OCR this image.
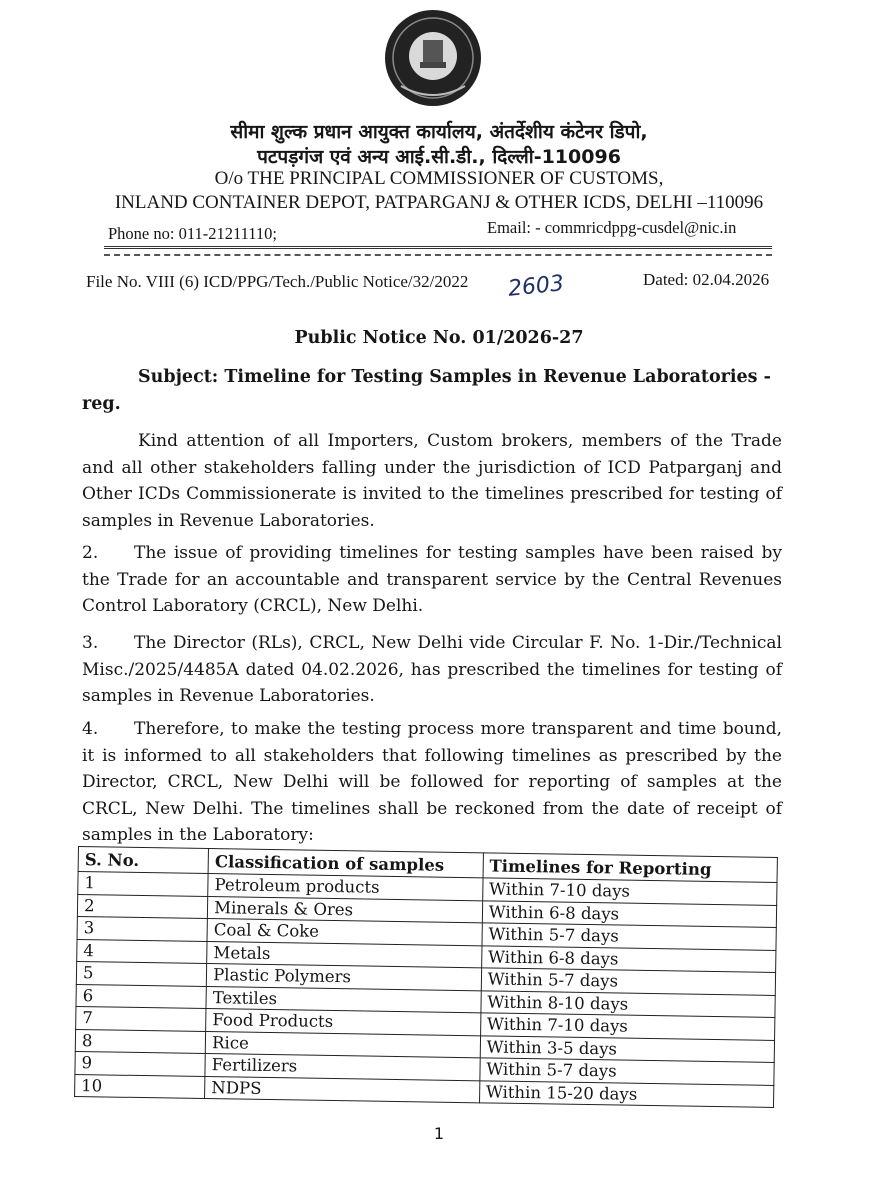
सीमा शुल्क प्रधान आयुक्त कार्यालय, अंतर्देशीय कंटेनर डिपो,
पटपड़गंज एवं अन्य आई.सी.डी., दिल्ली-110096
O/o THE PRINCIPAL COMMISSIONER OF CUSTOMS,
INLAND CONTAINER DEPOT, PATPARGANJ & OTHER ICDS, DELHI –110096
Phone no: 011-21211110;	Email: - commricdppg-cusdel@nic.in
File No. VIII (6) ICD/PPG/Tech./Public Notice/32/2022 2603	Dated: 02.04.2026
Public Notice No. 01/2026-27
Subject: Timeline for Testing Samples in Revenue Laboratories - reg.
Kind attention of all Importers, Custom brokers, members of the Trade and all other stakeholders falling under the jurisdiction of ICD Patparganj and Other ICDs Commissionerate is invited to the timelines prescribed for testing of samples in Revenue Laboratories.
2. The issue of providing timelines for testing samples have been raised by the Trade for an accountable and transparent service by the Central Revenues Control Laboratory (CRCL), New Delhi.
3. The Director (RLs), CRCL, New Delhi vide Circular F. No. 1-Dir./Technical Misc./2025/4485A dated 04.02.2026, has prescribed the timelines for testing of samples in Revenue Laboratories.
4. Therefore, to make the testing process more transparent and time bound, it is informed to all stakeholders that following timelines as prescribed by the Director, CRCL, New Delhi will be followed for reporting of samples at the CRCL, New Delhi. The timelines shall be reckoned from the date of receipt of samples in the Laboratory:
S. No.	Classification of samples	Timelines for Reporting
1	Petroleum products	Within 7-10 days
2	Minerals & Ores	Within 6-8 days
3	Coal & Coke	Within 5-7 days
4	Metals	Within 6-8 days
5	Plastic Polymers	Within 5-7 days
6	Textiles	Within 8-10 days
7	Food Products	Within 7-10 days
8	Rice	Within 3-5 days
9	Fertilizers	Within 5-7 days
10	NDPS	Within 15-20 days
1
